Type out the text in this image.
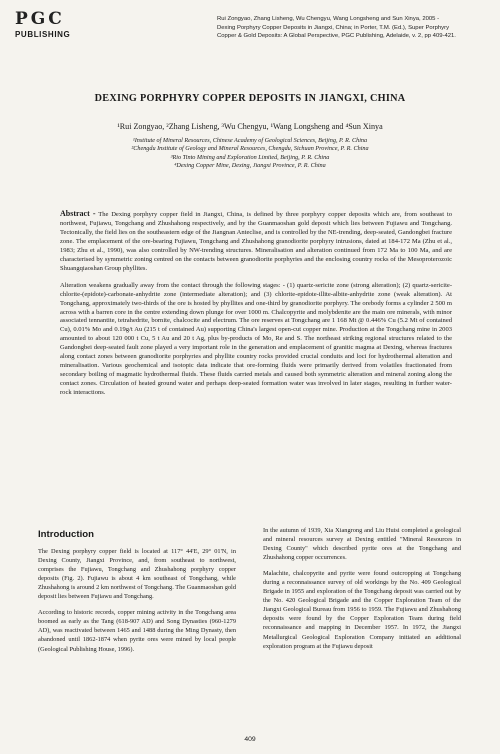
PGC
PUBLISHING
Rui Zongyao, Zhang Lisheng, Wu Chengyu, Wang Longsheng and Sun Xinya, 2005 -
Dexing Porphyry Copper Deposits in Jiangxi, China; in Porter, T.M. (Ed.), Super Porphyry
Copper & Gold Deposits: A Global Perspective, PGC Publishing, Adelaide, v. 2, pp 409-421.
DEXING PORPHYRY COPPER DEPOSITS IN JIANGXI, CHINA
¹Rui Zongyao, ²Zhang Lisheng, ³Wu Chengyu, ¹Wang Longsheng and ⁴Sun Xinya
¹Institute of Mineral Resources, Chinese Academy of Geological Sciences, Beijing, P. R. China
²Chengdu Institute of Geology and Mineral Resources, Chengdu, Sichuan Province, P. R. China
³Rio Tinto Mining and Exploration Limited, Beijing, P. R. China
⁴Dexing Copper Mine, Dexing, Jiangxi Province, P. R. China

Abstract - The Dexing porphyry copper field in Jiangxi, China, is defined by three porphyry copper deposits which are, from southeast to northwest, Fujiawu, Tongchang and Zhushahong respectively, and by the Guanmaoshan gold deposit which lies between Fujiawu and Tongchang. Tectonically, the field lies on the southeastern edge of the Jiangnan Anteclise, and is controlled by the NE-trending, deep-seated, Gandongbei fracture zone. The emplacement of the ore-bearing Fujiawu, Tongchang and Zhushahong granodiorite porphyry intrusions, dated at 184-172 Ma (Zhu et al., 1983; Zhu et al., 1990), was also controlled by NW-trending structures. Mineralisation and alteration continued from 172 Ma to 100 Ma, and are characterised by symmetric zoning centred on the contacts between granodiorite porphyries and the enclosing country rocks of the Mesoproterozoic Shuangqiaoshan Group phyllites.

Alteration weakens gradually away from the contact through the following stages: - (1) quartz-sericite zone (strong alteration); (2) quartz-sericite-chlorite-(epidote)-carbonate-anhydrite zone (intermediate alteration); and (3) chlorite-epidote-illite-albite-anhydrite zone (weak alteration). At Tongchang, approximately two-thirds of the ore is hosted by phyllites and one-third by granodiorite porphyry. The orebody forms a cylinder 2 500 m across with a barren core in the centre extending down plunge for over 1000 m. Chalcopyrite and molybdenite are the main ore minerals, with minor associated tennantite, tetrahedrite, bornite, chalcocite and electrum. The ore reserves at Tongchang are 1 168 Mt @ 0.446% Cu (5.2 Mt of contained Cu), 0.01% Mo and 0.19g/t Au (215 t of contained Au) supporting China's largest open-cut copper mine. Production at the Tongchang mine in 2003 amounted to about 120 000 t Cu, 5 t Au and 20 t Ag, plus by-products of Mo, Re and S. The northeast striking regional structures related to the Gandongbei deep-seated fault zone played a very important role in the generation and emplacement of granitic magma at Dexing, whereas fractures along contact zones between granodiorite porphyries and phyllite country rocks provided crucial conduits and loci for hydrothermal alteration and mineralisation. Various geochemical and isotopic data indicate that ore-forming fluids were primarily derived from volatiles fractionated from secondary boiling of magmatic hydrothermal fluids. These fluids carried metals and caused both symmetric alteration and mineral zoning along the contact zones. Circulation of heated ground water and perhaps deep-seated formation water was involved in later stages, resulting in further water-rock interactions.

Introduction

The Dexing porphyry copper field is located at 117° 44'E, 29° 01'N, in Dexing County, Jiangxi Province, and, from southeast to northwest, comprises the Fujiawu, Tongchang and Zhushahong porphyry copper deposits (Fig. 2). Fujiawu is about 4 km southeast of Tongchang, while Zhushahong is around 2 km northwest of Tongchang. The Guanmaoshan gold deposit lies between Fujiawu and Tongchang.

According to historic records, copper mining activity in the Tongchang area boomed as early as the Tang (618-907 AD) and Song Dynasties (960-1279 AD), was reactivated between 1465 and 1488 during the Ming Dynasty, then abandoned until 1862-1874 when pyrite ores were mined by local people (Geological Publishing House, 1996).

In the autumn of 1939, Xia Xiangrong and Liu Huisi completed a geological and mineral resources survey at Dexing entitled "Mineral Resources in Dexing County" which described pyrite ores at the Tongchang and Zhushahong copper occurrences.

Malachite, chalcopyrite and pyrite were found outcropping at Tongchang during a reconnaissance survey of old workings by the No. 409 Geological Brigade in 1955 and exploration of the Tongchang deposit was carried out by the No. 420 Geological Brigade and the Copper Exploration Team of the Jiangxi Geological Bureau from 1956 to 1959. The Fujiawu and Zhushahong deposits were found by the Copper Exploration Team during field reconnaissance and mapping in December 1957. In 1972, the Jiangxi Metallurgical Geological Exploration Company initiated an additional exploration program at the Fujiawu deposit

409
